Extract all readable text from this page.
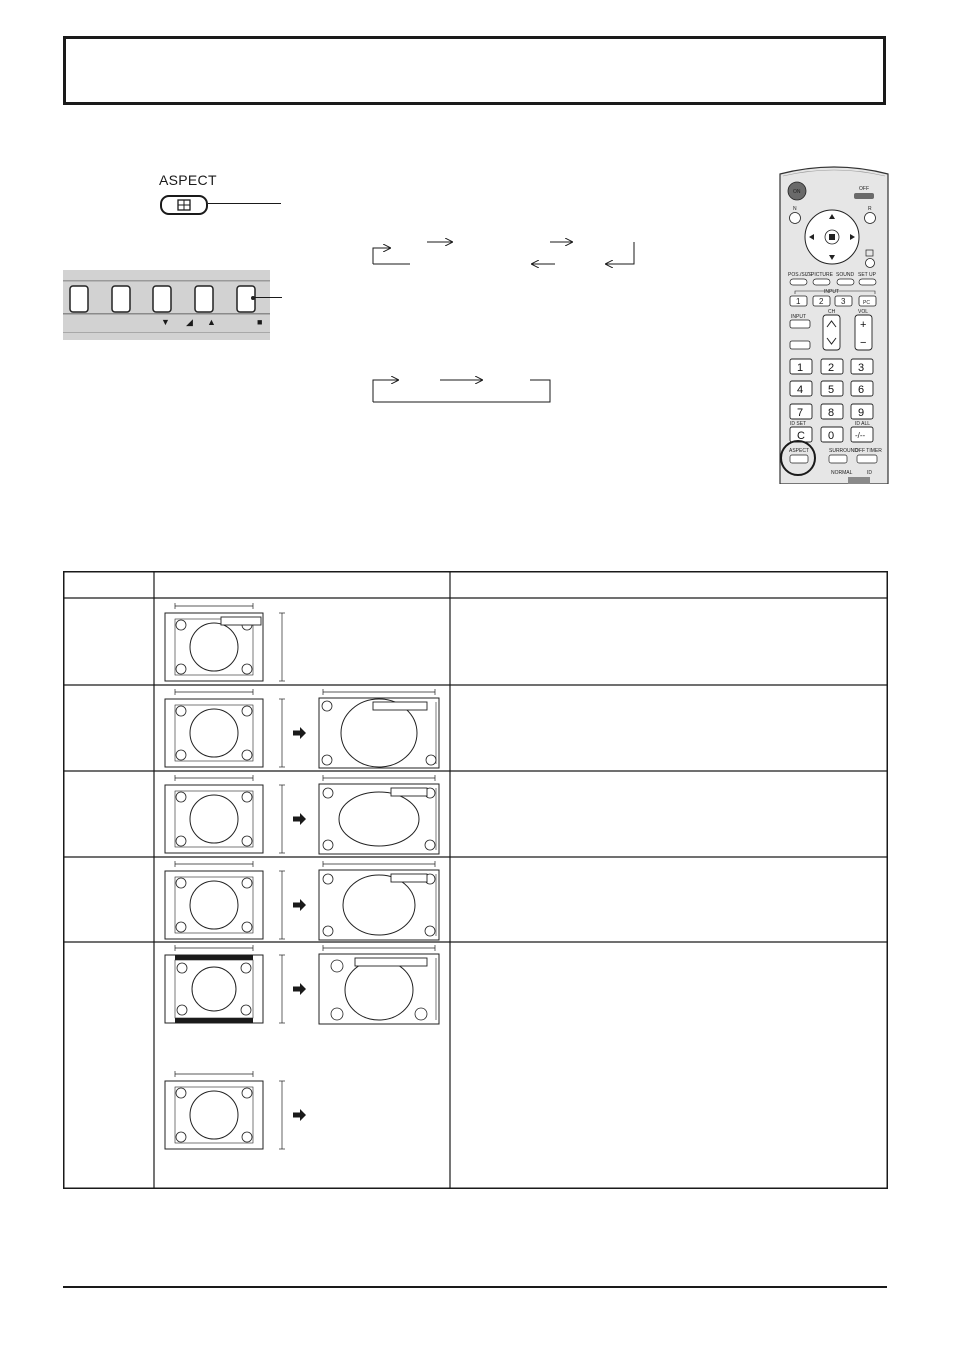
ASPECT
▼ ◢ ▲	■	+
−
ON	OFF
N	R
POS./SIZE
PICTURE SOUND SET UP
INPUT
1 2 3	PC
INPUT
CH	VOL
1 2 3
4 5 6
7 8 9
C 0	-/--
ID SET	ID ALL
ASPECT	SURROUND
OFF TIMER
NORMAL	ID
